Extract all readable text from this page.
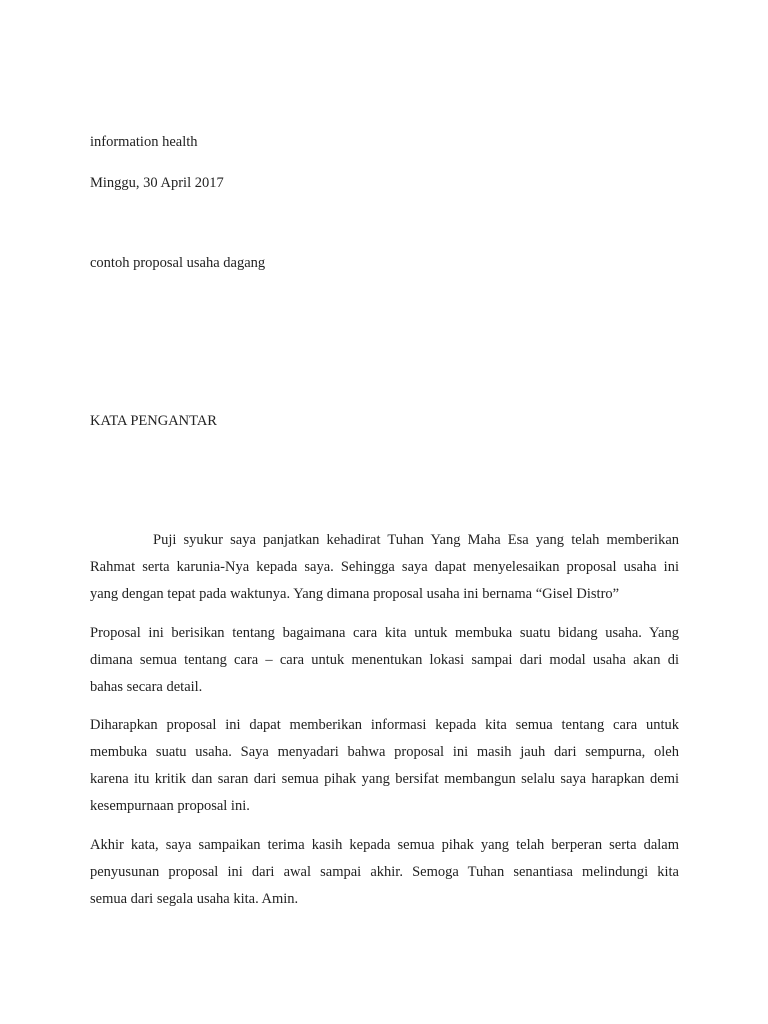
information health
Minggu, 30 April 2017
contoh proposal usaha dagang
KATA PENGANTAR
Puji syukur saya panjatkan kehadirat Tuhan Yang Maha Esa yang telah memberikan
Rahmat serta karunia-Nya kepada saya. Sehingga saya dapat menyelesaikan proposal usaha ini
yang dengan tepat pada waktunya. Yang dimana proposal usaha ini bernama “Gisel Distro”
Proposal ini berisikan tentang bagaimana cara kita untuk membuka suatu bidang usaha. Yang
dimana semua tentang cara – cara untuk menentukan lokasi sampai dari modal usaha akan di
bahas secara detail.
Diharapkan proposal ini dapat memberikan informasi kepada kita semua tentang cara untuk
membuka suatu usaha. Saya menyadari bahwa proposal ini masih jauh dari sempurna, oleh
karena itu kritik dan saran dari semua pihak yang bersifat membangun selalu saya harapkan demi
kesempurnaan proposal ini.
Akhir kata, saya sampaikan terima kasih kepada semua pihak yang telah berperan serta dalam
penyusunan proposal ini dari awal sampai akhir. Semoga Tuhan senantiasa melindungi kita
semua dari segala usaha kita. Amin.
